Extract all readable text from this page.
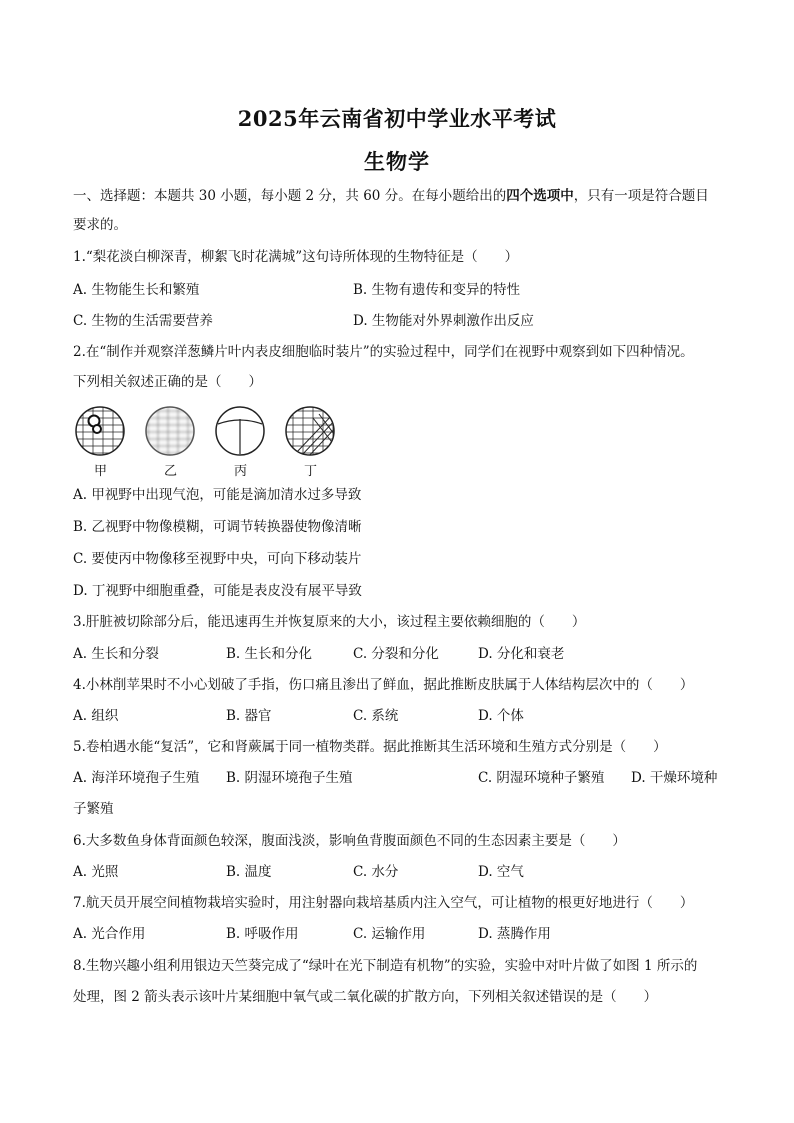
2025年云南省初中学业水平考试
生物学
一、选择题：本题共 30 小题，每小题 2 分，共 60 分。在每小题给出的四个选项中，只有一项是符合题目
要求的。
1.“梨花淡白柳深青，柳絮飞时花满城”这句诗所体现的生物特征是（　　）
A. 生物能生长和繁殖	B. 生物有遗传和变异的特性
C. 生物的生活需要营养	D. 生物能对外界刺激作出反应
2.在“制作并观察洋葱鳞片叶内表皮细胞临时装片”的实验过程中，同学们在视野中观察到如下四种情况。
下列相关叙述正确的是（　　）
甲	乙	丙	丁
A. 甲视野中出现气泡，可能是滴加清水过多导致
B. 乙视野中物像模糊，可调节转换器使物像清晰
C. 要使丙中物像移至视野中央，可向下移动装片
D. 丁视野中细胞重叠，可能是表皮没有展平导致
3.肝脏被切除部分后，能迅速再生并恢复原来的大小，该过程主要依赖细胞的（　　）
A. 生长和分裂	B. 生长和分化	C. 分裂和分化	D. 分化和衰老
4.小林削苹果时不小心划破了手指，伤口痛且渗出了鲜血，据此推断皮肤属于人体结构层次中的（　　）
A. 组织	B. 器官	C. 系统	D. 个体
5.卷柏遇水能“复活”，它和肾蕨属于同一植物类群。据此推断其生活环境和生殖方式分别是（　　）
A. 海洋环境孢子生殖 B. 阴湿环境孢子生殖	C. 阴湿环境种子繁殖 D. 干燥环境种
子繁殖
6.大多数鱼身体背面颜色较深，腹面浅淡，影响鱼背腹面颜色不同的生态因素主要是（　　）
A. 光照	B. 温度	C. 水分	D. 空气
7.航天员开展空间植物栽培实验时，用注射器向栽培基质内注入空气，可让植物的根更好地进行（　　）
A. 光合作用	B. 呼吸作用	C. 运输作用	D. 蒸腾作用
8.生物兴趣小组利用银边天竺葵完成了“绿叶在光下制造有机物”的实验，实验中对叶片做了如图 1 所示的
处理，图 2 箭头表示该叶片某细胞中氧气或二氧化碳的扩散方向，下列相关叙述错误的是（　　）
